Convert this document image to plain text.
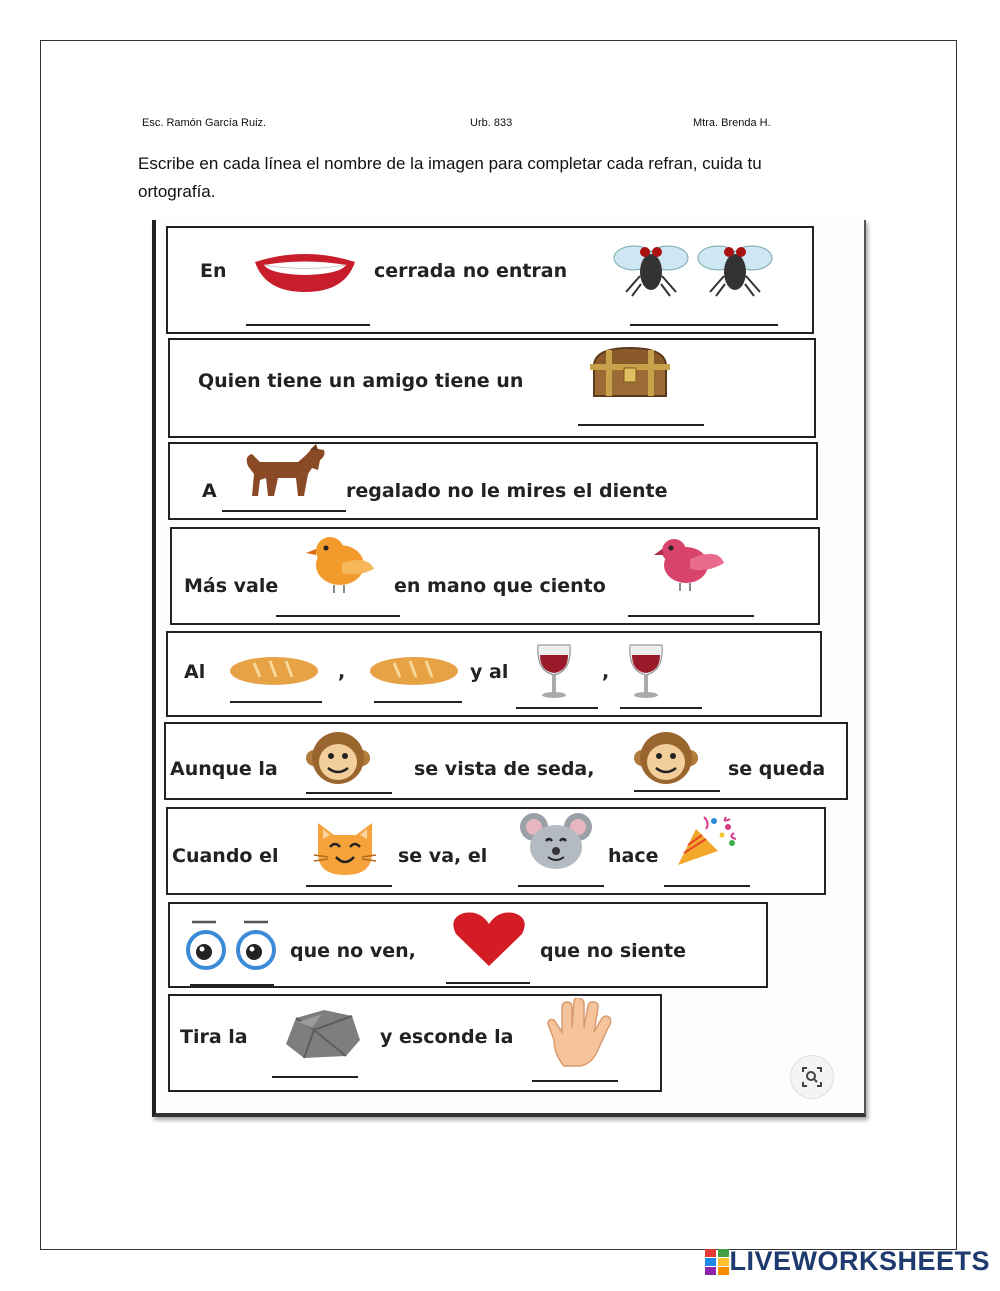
Esc. Ramón García Ruiz.	Urb. 833	Mtra. Brenda H.
Escribe en cada línea el nombre de la imagen para completar cada refran, cuida tu ortografía.
En	cerrada no entran
Quien tiene un amigo tiene un
A	regalado no le mires el diente
Más vale	en mano que ciento
Al	,	y al	,
Aunque la	se vista de seda,	se queda
Cuando el	se va, el	hace
que no ven,	que no siente
Tira la	y esconde la
LIVEWORKSHEETS
